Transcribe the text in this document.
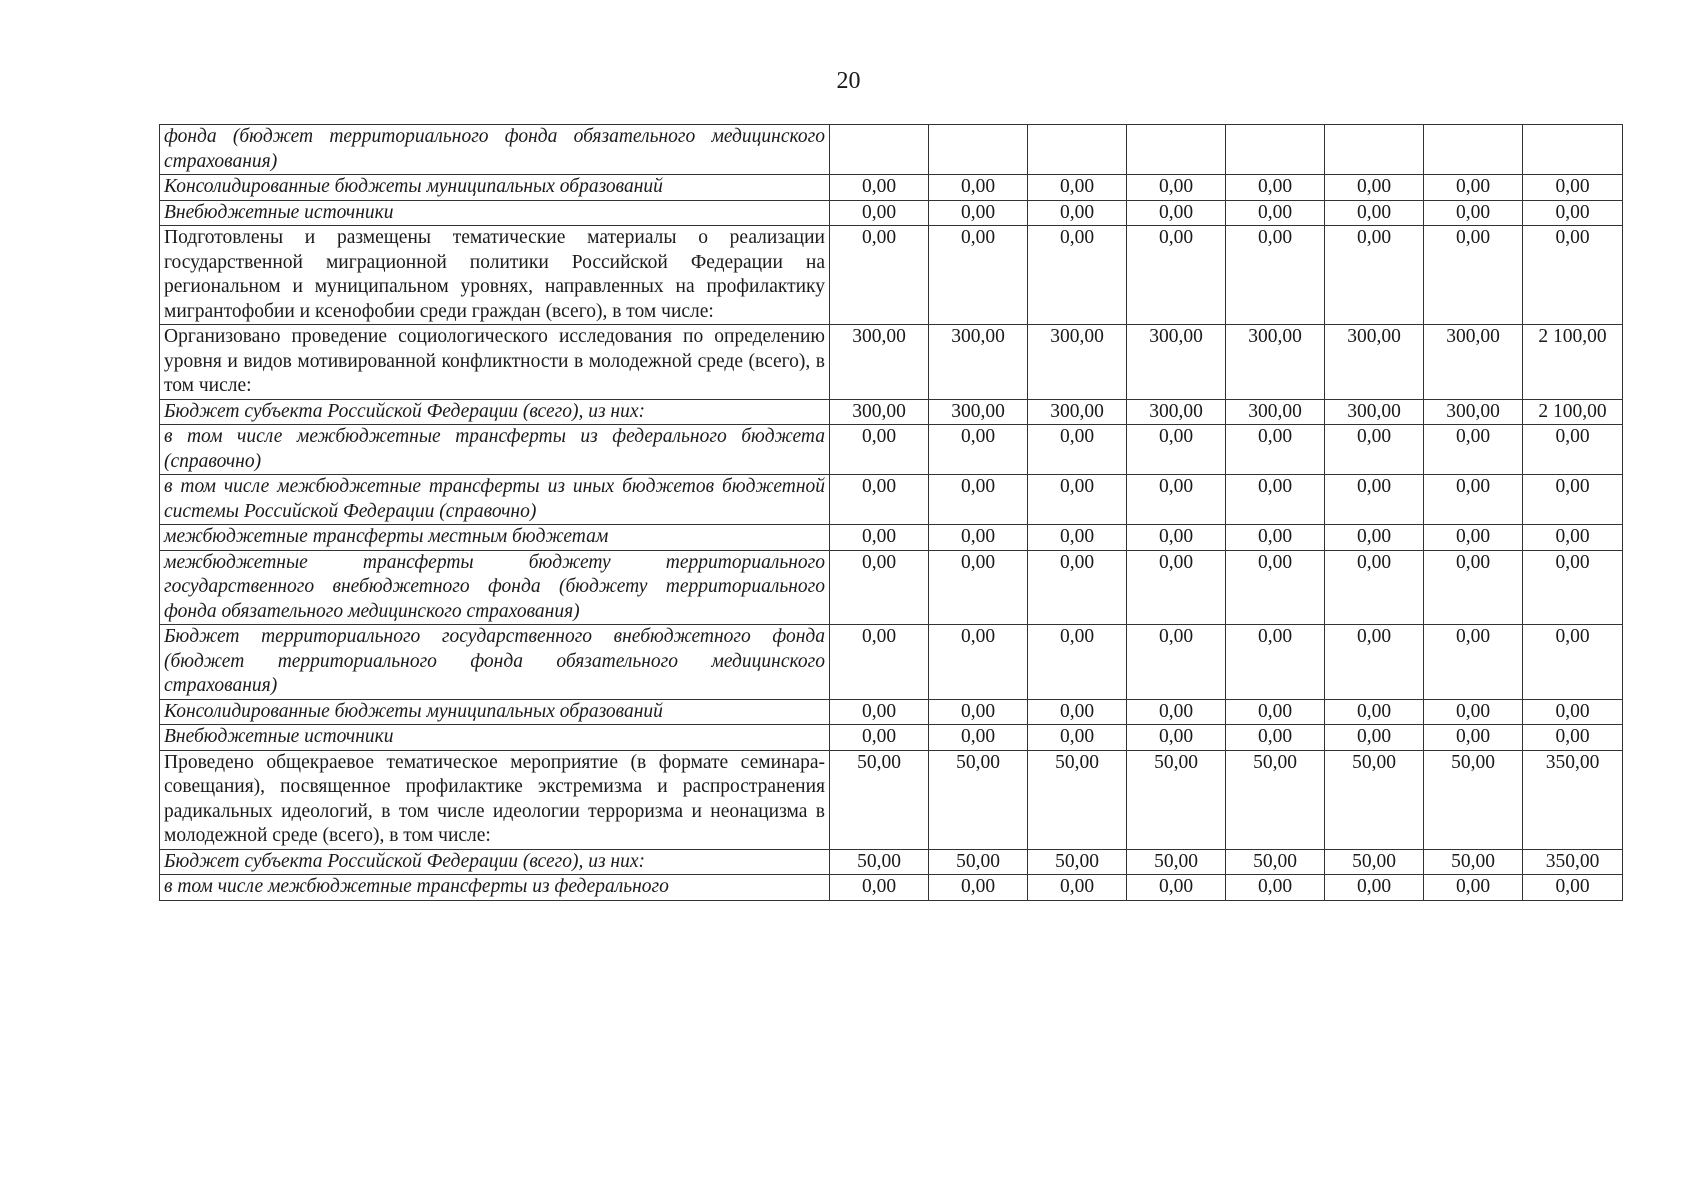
20
фонда (бюджет территориального фонда обязательного медицинского страхования)								
Консолидированные бюджеты муниципальных образований	0,00	0,00	0,00	0,00	0,00	0,00	0,00	0,00
Внебюджетные источники	0,00	0,00	0,00	0,00	0,00	0,00	0,00	0,00
Подготовлены и размещены тематические материалы о реализации государственной миграционной политики Российской Федерации на региональном и муниципальном уровнях, направленных на профилактику мигрантофобии и ксенофобии среди граждан (всего), в том числе:	0,00	0,00	0,00	0,00	0,00	0,00	0,00	0,00
Организовано проведение социологического исследования по определению уровня и видов мотивированной конфликтности в молодежной среде (всего), в том числе:	300,00	300,00	300,00	300,00	300,00	300,00	300,00	2 100,00
Бюджет субъекта Российской Федерации (всего), из них:	300,00	300,00	300,00	300,00	300,00	300,00	300,00	2 100,00
в том числе межбюджетные трансферты из федерального бюджета (справочно)	0,00	0,00	0,00	0,00	0,00	0,00	0,00	0,00
в том числе межбюджетные трансферты из иных бюджетов бюджетной системы Российской Федерации (справочно)	0,00	0,00	0,00	0,00	0,00	0,00	0,00	0,00
межбюджетные трансферты местным бюджетам	0,00	0,00	0,00	0,00	0,00	0,00	0,00	0,00
межбюджетные трансферты бюджету территориального государственного внебюджетного фонда (бюджету территориального фонда обязательного медицинского страхования)	0,00	0,00	0,00	0,00	0,00	0,00	0,00	0,00
Бюджет территориального государственного внебюджетного фонда (бюджет территориального фонда обязательного медицинского страхования)	0,00	0,00	0,00	0,00	0,00	0,00	0,00	0,00
Консолидированные бюджеты муниципальных образований	0,00	0,00	0,00	0,00	0,00	0,00	0,00	0,00
Внебюджетные источники	0,00	0,00	0,00	0,00	0,00	0,00	0,00	0,00
Проведено общекраевое тематическое мероприятие (в формате семинара-совещания), посвященное профилактике экстремизма и распространения радикальных идеологий, в том числе идеологии терроризма и неонацизма в молодежной среде (всего), в том числе:	50,00	50,00	50,00	50,00	50,00	50,00	50,00	350,00
Бюджет субъекта Российской Федерации (всего), из них:	50,00	50,00	50,00	50,00	50,00	50,00	50,00	350,00
в том числе межбюджетные трансферты из федерального	0,00	0,00	0,00	0,00	0,00	0,00	0,00	0,00
